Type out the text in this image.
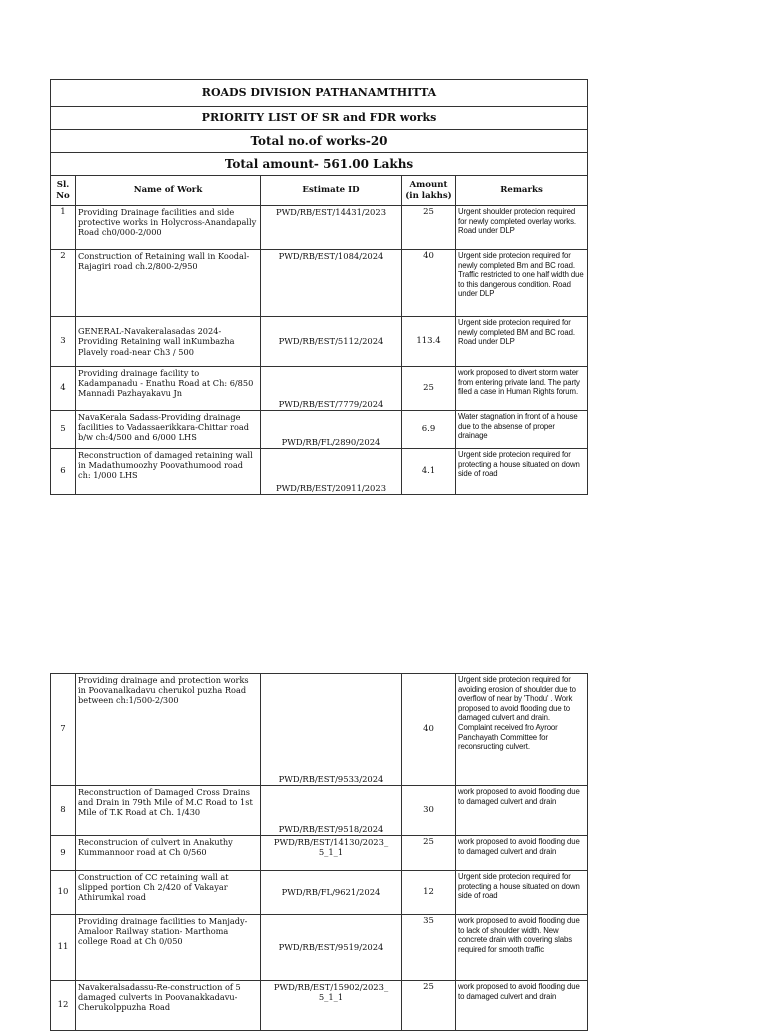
ROADS DIVISION PATHANAMTHITTA				
PRIORITY LIST OF SR and FDR works				
Total no.of works-20				
Total amount- 561.00 Lakhs				
Sl. No	Name of Work	Estimate ID	Amount (in lakhs)	Remarks
1	Providing Drainage facilities and side protective works in Holycross-Anandapally Road ch0/000-2/000	PWD/RB/EST/14431/2023	25	Urgent shoulder protecion required for newly completed overlay works. Road under DLP
2	Construction of Retaining wall in Koodal-Rajagiri road ch.2/800-2/950	PWD/RB/EST/1084/2024	40	Urgent side protecion required for newly completed Bm and BC road. Traffic restricted to one half width due to this dangerous condition. Road under DLP
3	GENERAL-Navakeralasadas 2024-Providing Retaining wall inKumbazha Plavely road-near Ch3 / 500	PWD/RB/EST/5112/2024	113.4	Urgent side protecion required for newly completed BM and BC road. Road under DLP
4	Providing drainage facility to Kadampanadu - Enathu Road at Ch: 6/850 Mannadi Pazhayakavu Jn	PWD/RB/EST/7779/2024	25	work proposed to divert storm water from entering private land. The party filed a case in Human Rights forum.
5	NavaKerala Sadass-Providing drainage facilities to Vadassaerikkara-Chittar road b/w ch:4/500 and 6/000 LHS	PWD/RB/FL/2890/2024	6.9	Water stagnation in front of a house due to the absense of proper drainage
6	Reconstruction of damaged retaining wall in Madathumoozhy Poovathumood road ch: 1/000 LHS	PWD/RB/EST/20911/2023	4.1	Urgent side protecion required for protecting a house situated on down side of road
7	Providing drainage and protection works in Poovanalkadavu cherukol puzha Road between ch:1/500-2/300	PWD/RB/EST/9533/2024	40	Urgent side protecion required for avoiding erosion of shoulder due to overflow of near by 'Thodu' . Work proposed to avoid flooding due to damaged culvert and drain. Complaint received fro Ayroor Panchayath Committee for reconsructing culvert.
8	Reconstruction of Damaged Cross Drains and Drain in 79th Mile of M.C Road to 1st Mile of T.K Road at Ch. 1/430	PWD/RB/EST/9518/2024	30	work proposed to avoid flooding due to damaged culvert and drain
9	Reconstrucion of culvert in Anakuthy Kummannoor road at Ch 0/560	PWD/RB/EST/14130/2023_ 5_1_1	25	work proposed to avoid flooding due to damaged culvert and drain
10	Construction of CC retaining wall at slipped portion Ch 2/420 of Vakayar Athirumkal road	PWD/RB/FL/9621/2024	12	Urgent side protecion required for protecting a house situated on down side of road
11	Providing drainage facilities to Manjady-Amaloor Railway station- Marthoma college Road at Ch 0/050	PWD/RB/EST/9519/2024	35	work proposed to avoid flooding due to lack of shoulder width. New concrete drain with covering slabs required for smooth traffic
12	Navakeralsadassu-Re-construction of 5 damaged culverts in Poovanakkadavu-Cherukolppuzha Road	PWD/RB/EST/15902/2023_ 5_1_1	25	work proposed to avoid flooding due to damaged culvert and drain
